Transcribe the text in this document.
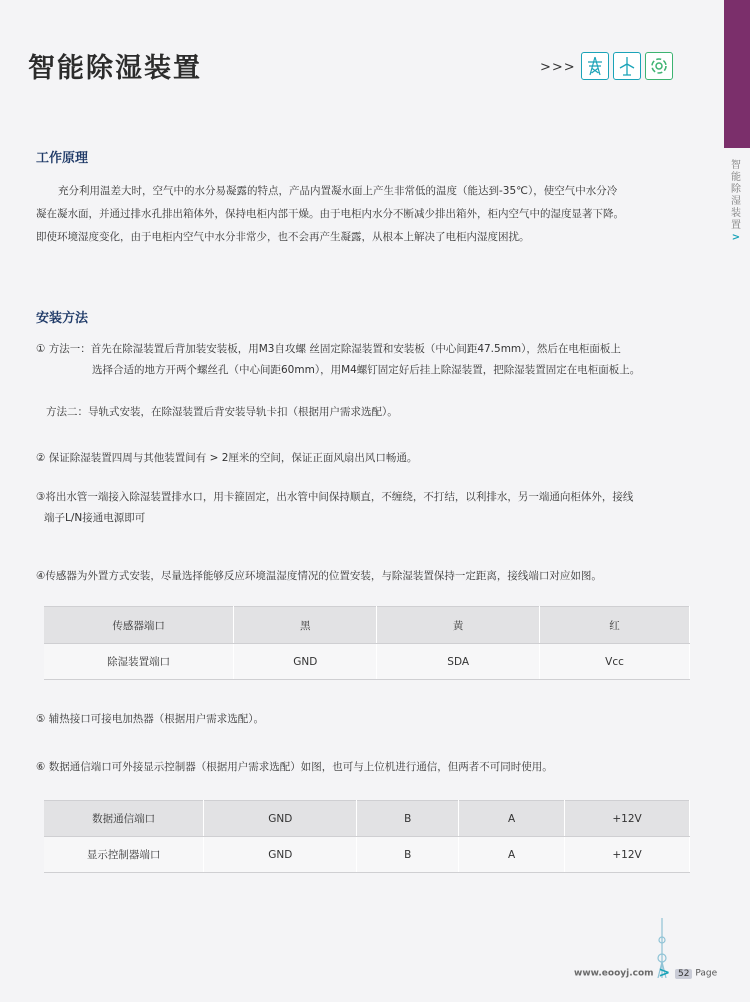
智能除湿装置
>
智能除湿装置	>>>
工作原理
充分利用温差大时，空气中的水分易凝露的特点，产品内置凝水面上产生非常低的温度（能达到-35℃），使空气中水分冷
凝在凝水面，并通过排水孔排出箱体外，保持电柜内部干燥。由于电柜内水分不断减少排出箱外，柜内空气中的湿度显著下降。
即使环境湿度变化，由于电柜内空气中水分非常少，也不会再产生凝露，从根本上解决了电柜内湿度困扰。
安装方法
① 方法一：首先在除湿装置后背加装安装板，用M3自攻螺 丝固定除湿装置和安装板（中心间距47.5mm），然后在电柜面板上
选择合适的地方开两个螺丝孔（中心间距60mm），用M4螺钉固定好后挂上除湿装置，把除湿装置固定在电柜面板上。
方法二：导轨式安装，在除湿装置后背安装导轨卡扣（根据用户需求选配）。
② 保证除湿装置四周与其他装置间有 > 2厘米的空间，保证正面风扇出风口畅通。
③将出水管一端接入除湿装置排水口，用卡箍固定，出水管中间保持顺直，不缠绕，不打结，以利排水，另一端通向柜体外，接线
端子L/N接通电源即可
④传感器为外置方式安装，尽量选择能够反应环境温湿度情况的位置安装，与除湿装置保持一定距离，接线端口对应如图。
传感器端口	黑	黄	红
除湿装置端口	GND	SDA	Vcc
⑤ 辅热接口可接电加热器（根据用户需求选配）。
⑥ 数据通信端口可外接显示控制器（根据用户需求选配）如图，也可与上位机进行通信，但两者不可同时使用。
数据通信端口	GND	B	A	+12V
显示控制器端口	GND	B	A	+12V
www.eooyj.com > 52 Page
